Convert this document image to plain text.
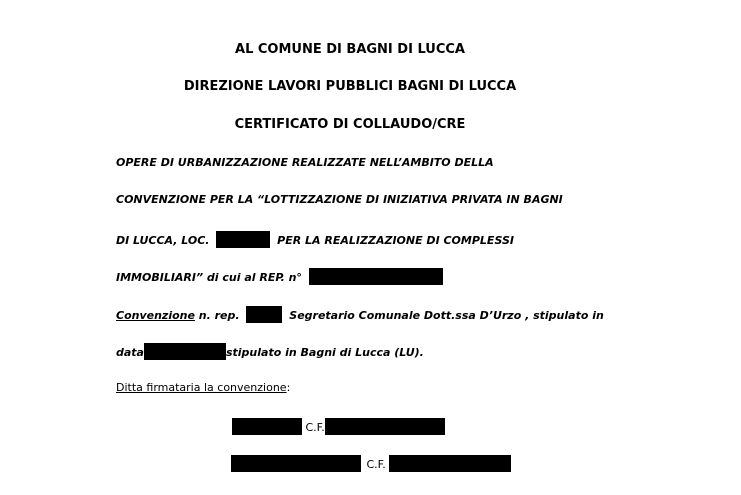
AL COMUNE DI BAGNI DI LUCCA
DIREZIONE LAVORI PUBBLICI BAGNI DI LUCCA
CERTIFICATO DI COLLAUDO/CRE
OPERE DI URBANIZZAZIONE REALIZZATE NELL’AMBITO DELLA
CONVENZIONE PER LA “LOTTIZZAZIONE DI INIZIATIVA PRIVATA IN BAGNI
DI LUCCA, LOC.	PER LA REALIZZAZIONE DI COMPLESSI
IMMOBILIARI” di cui al REP. n°
Convenzione n. rep.	Segretario Comunale Dott.ssa D’Urzo , stipulato in
data	stipulato in Bagni di Lucca (LU).
Ditta firmataria la convenzione:
C.F.
C.F.
